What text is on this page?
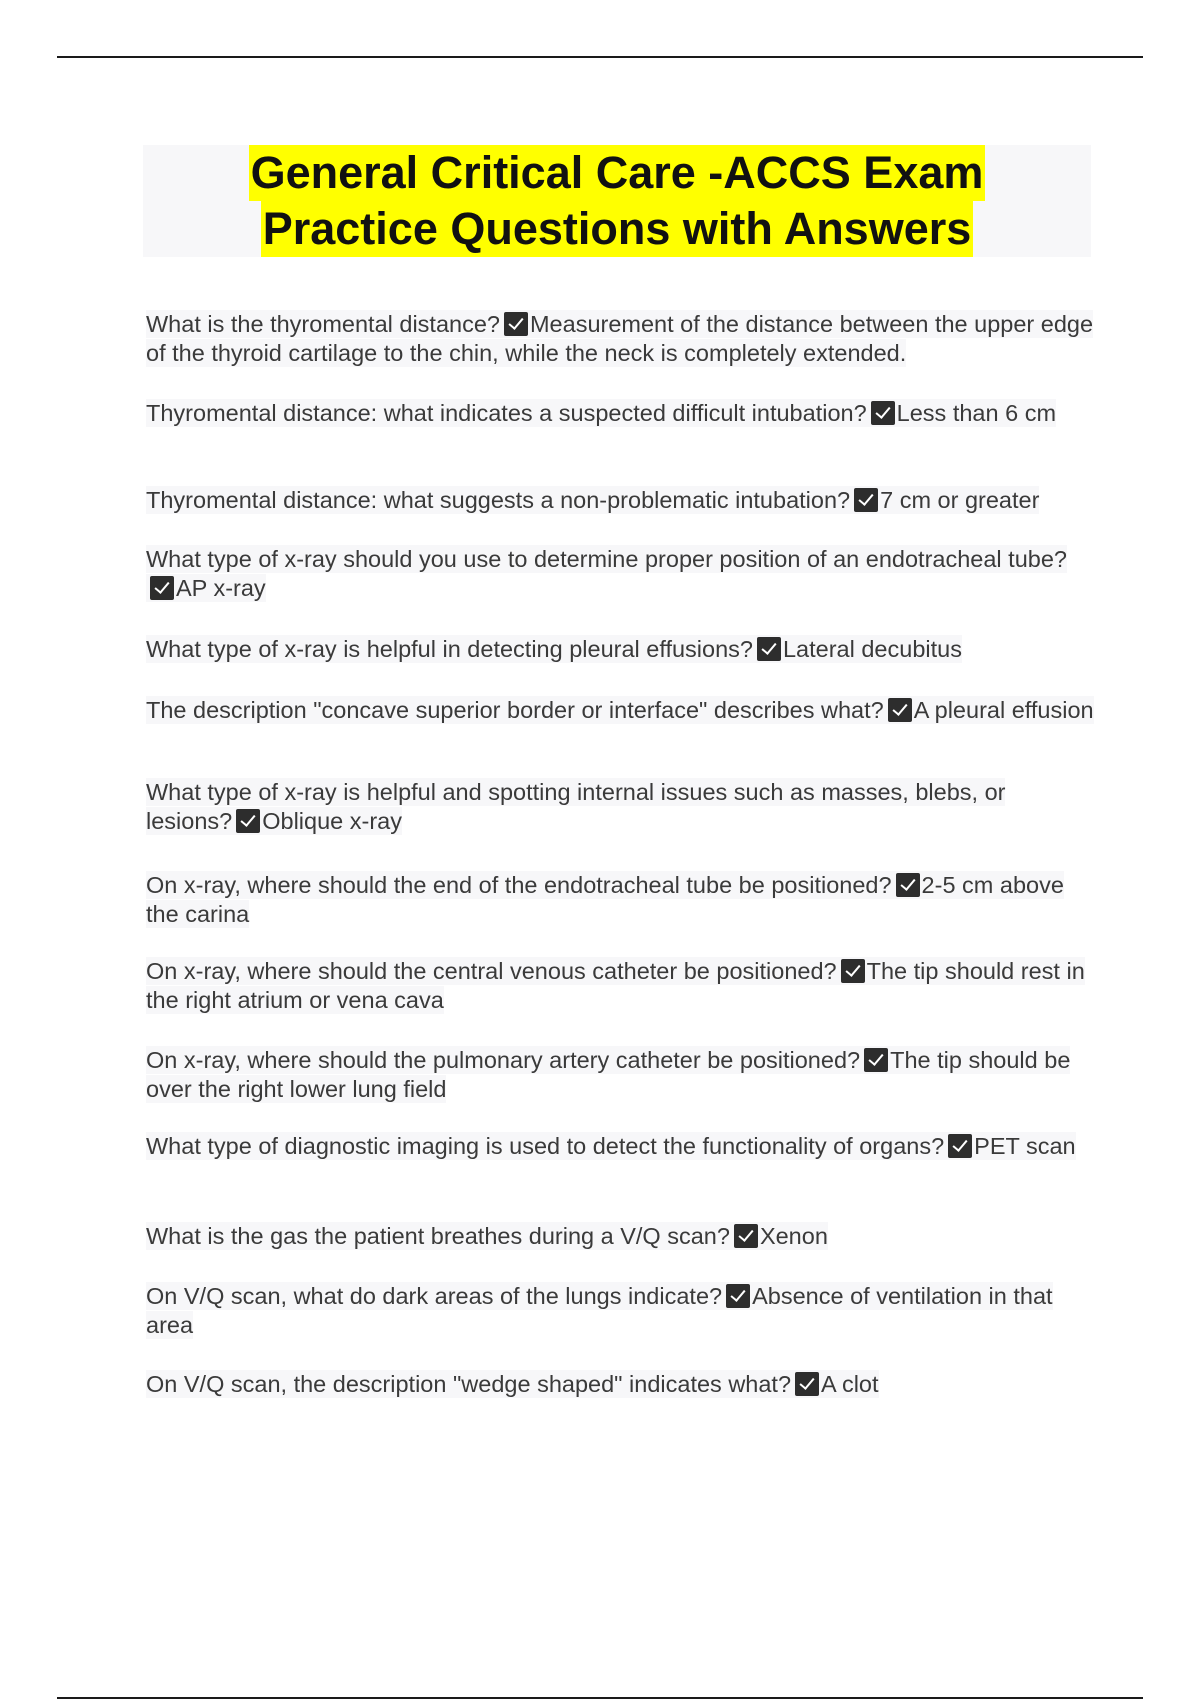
General Critical Care -ACCS Exam
Practice Questions with Answers
What is the thyromental distance? Measurement of the distance between the upper edge of the thyroid cartilage to the chin, while the neck is completely extended.
Thyromental distance: what indicates a suspected difficult intubation? Less than 6 cm
Thyromental distance: what suggests a non-problematic intubation? 7 cm or greater
What type of x-ray should you use to determine proper position of an endotracheal tube?AP x-ray
What type of x-ray is helpful in detecting pleural effusions? Lateral decubitus
The description "concave superior border or interface" describes what? A pleural effusion
What type of x-ray is helpful and spotting internal issues such as masses, blebs, or lesions? Oblique x-ray
On x-ray, where should the end of the endotracheal tube be positioned? 2-5 cm above the carina
On x-ray, where should the central venous catheter be positioned? The tip should rest in the right atrium or vena cava
On x-ray, where should the pulmonary artery catheter be positioned? The tip should be over the right lower lung field
What type of diagnostic imaging is used to detect the functionality of organs? PET scan
What is the gas the patient breathes during a V/Q scan? Xenon
On V/Q scan, what do dark areas of the lungs indicate? Absence of ventilation in that area
On V/Q scan, the description "wedge shaped" indicates what? A clot
